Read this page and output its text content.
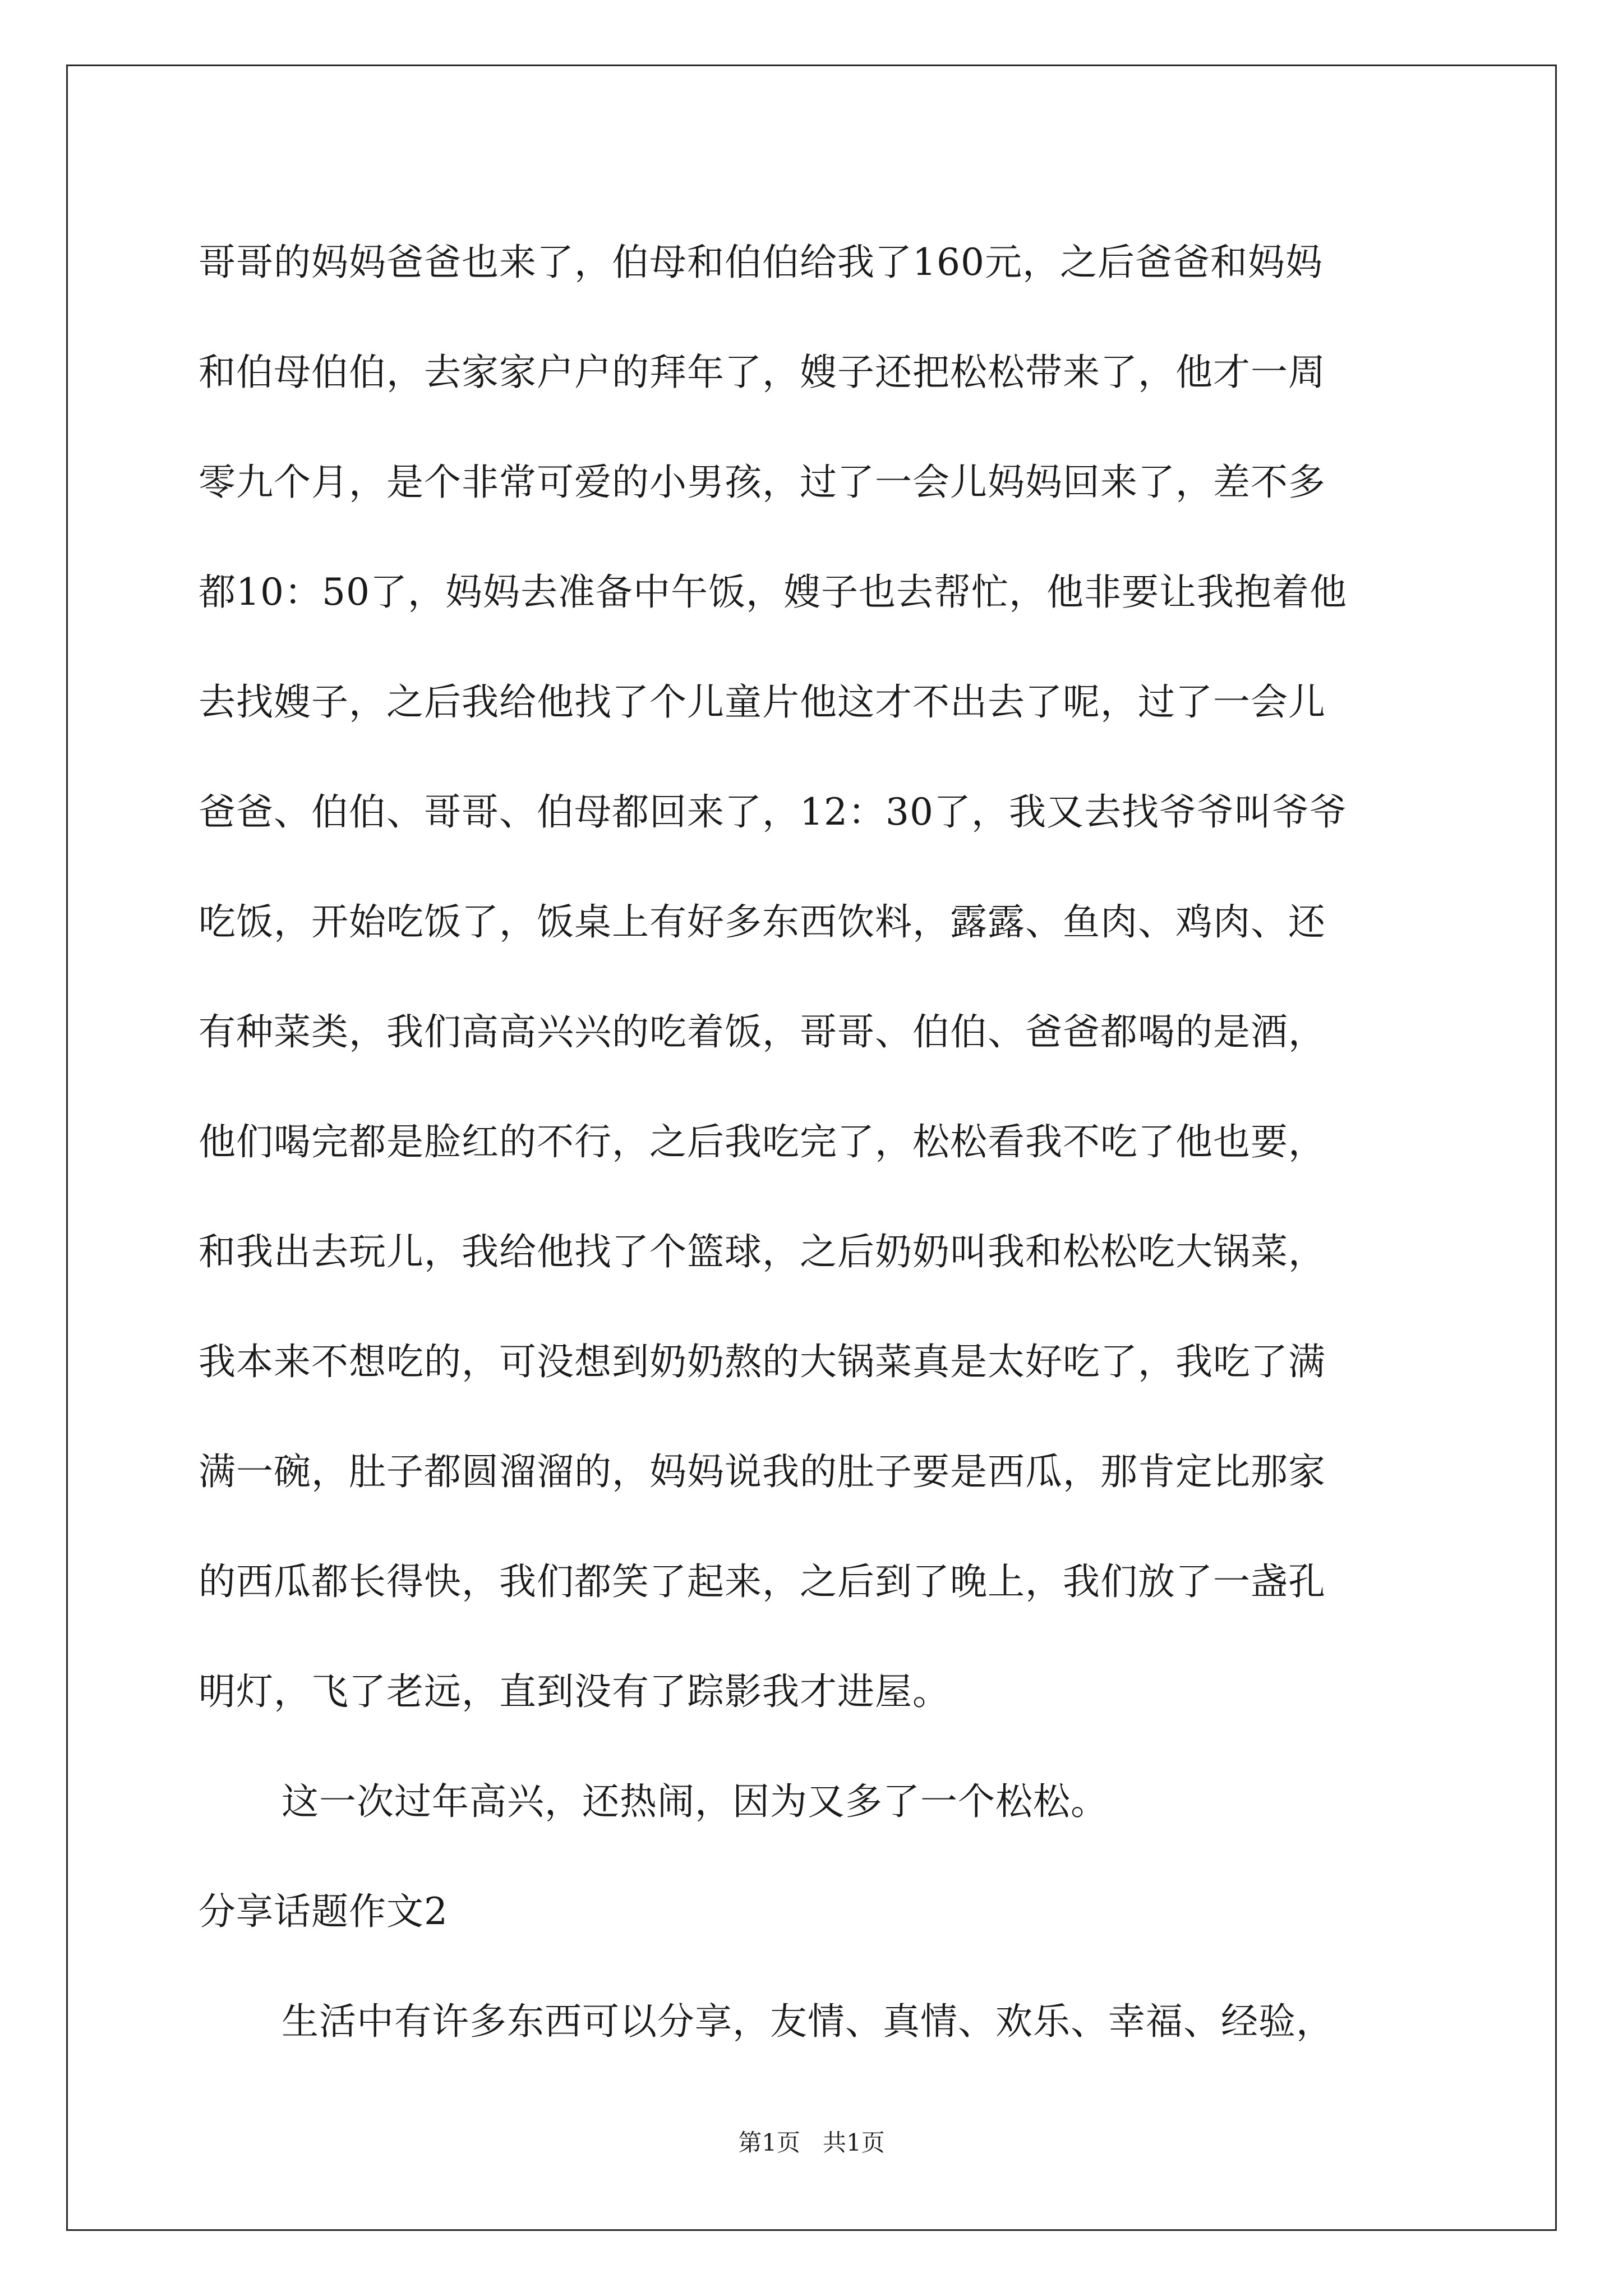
哥哥的妈妈爸爸也来了，伯母和伯伯给我了160元，之后爸爸和妈妈
和伯母伯伯，去家家户户的拜年了，嫂子还把松松带来了，他才一周
零九个月，是个非常可爱的小男孩，过了一会儿妈妈回来了，差不多
都10：50了，妈妈去准备中午饭，嫂子也去帮忙，他非要让我抱着他
去找嫂子，之后我给他找了个儿童片他这才不出去了呢，过了一会儿
爸爸、伯伯、哥哥、伯母都回来了，12：30了，我又去找爷爷叫爷爷
吃饭，开始吃饭了，饭桌上有好多东西饮料，露露、鱼肉、鸡肉、还
有种菜类，我们高高兴兴的吃着饭，哥哥、伯伯、爸爸都喝的是酒，
他们喝完都是脸红的不行，之后我吃完了，松松看我不吃了他也要，
和我出去玩儿，我给他找了个篮球，之后奶奶叫我和松松吃大锅菜，
我本来不想吃的，可没想到奶奶熬的大锅菜真是太好吃了，我吃了满
满一碗，肚子都圆溜溜的，妈妈说我的肚子要是西瓜，那肯定比那家
的西瓜都长得快，我们都笑了起来，之后到了晚上，我们放了一盏孔
明灯，飞了老远，直到没有了踪影我才进屋。
这一次过年高兴，还热闹，因为又多了一个松松。
分享话题作文2
生活中有许多东西可以分享，友情、真情、欢乐、幸福、经验，
第1页 共1页
